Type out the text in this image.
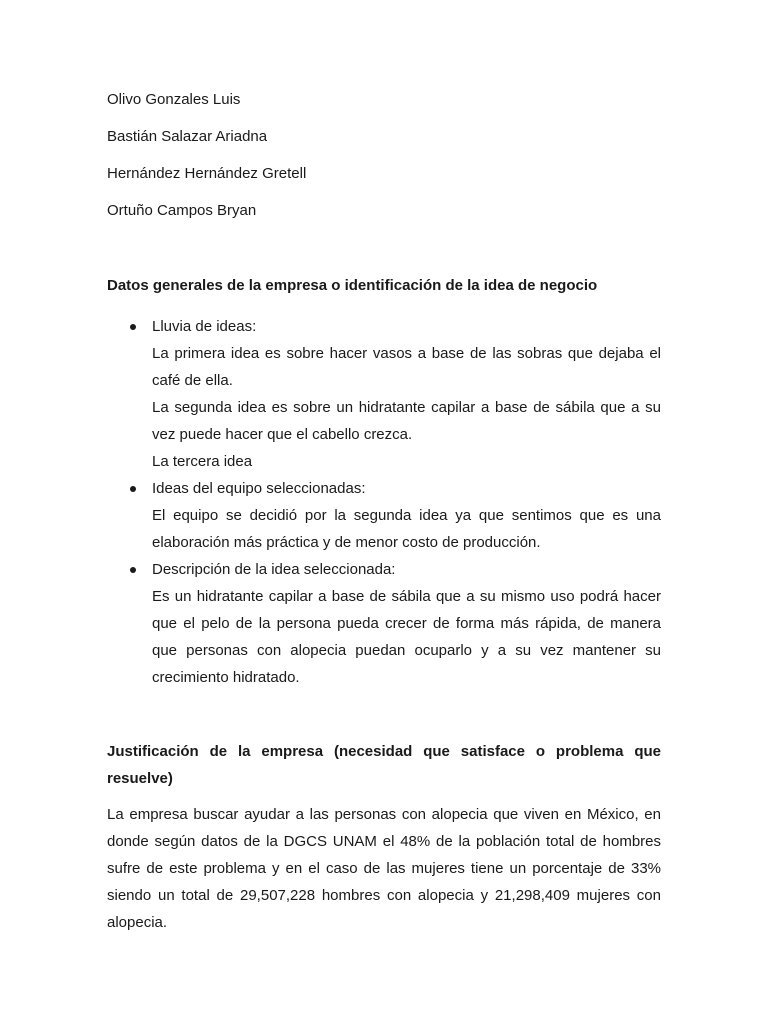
Olivo Gonzales Luis
Bastián Salazar Ariadna
Hernández Hernández Gretell
Ortuño Campos Bryan
Datos generales de la empresa o identificación de la idea de negocio
Lluvia de ideas:
La primera idea es sobre hacer vasos a base de las sobras que dejaba el café de ella.
La segunda idea es sobre un hidratante capilar a base de sábila que a su vez puede hacer que el cabello crezca.
La tercera idea
Ideas del equipo seleccionadas:
El equipo se decidió por la segunda idea ya que sentimos que es una elaboración más práctica y de menor costo de producción.
Descripción de la idea seleccionada:
Es un hidratante capilar a base de sábila que a su mismo uso podrá hacer que el pelo de la persona pueda crecer de forma más rápida, de manera que personas con alopecia puedan ocuparlo y a su vez mantener su crecimiento hidratado.
Justificación de la empresa (necesidad que satisface o problema que resuelve)
La empresa buscar ayudar a las personas con alopecia que viven en México, en donde según datos de la DGCS UNAM el 48% de la población total de hombres sufre de este problema y en el caso de las mujeres tiene un porcentaje de 33% siendo un total de 29,507,228 hombres con alopecia y 21,298,409 mujeres con alopecia.
